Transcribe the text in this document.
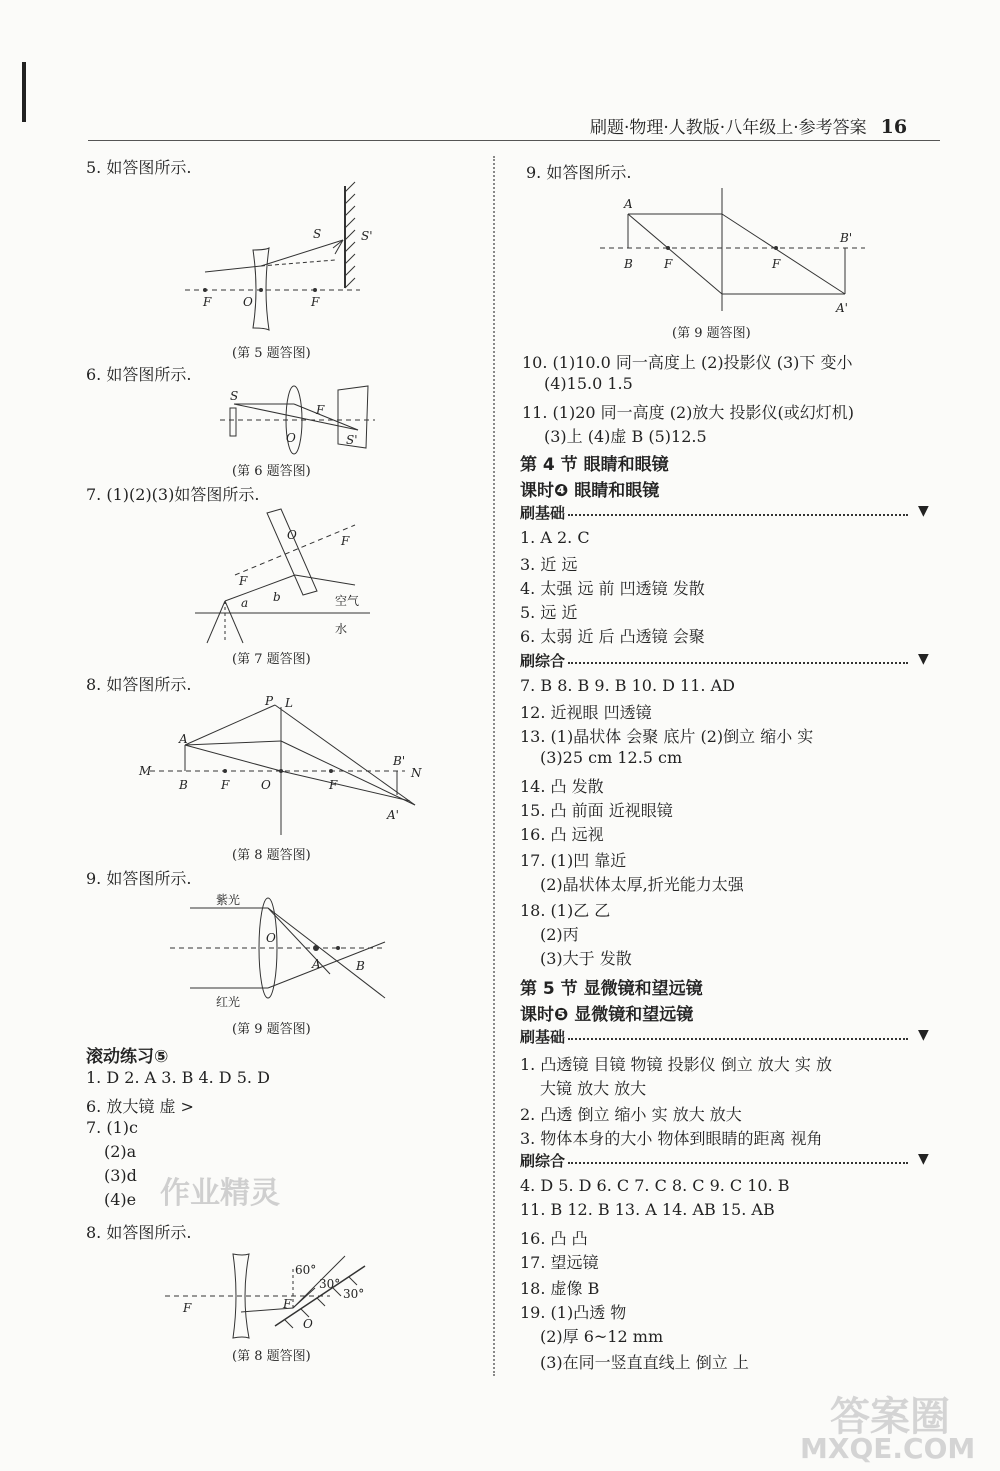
刷题·物理·人教版·八年级上·参考答案 16
5. 如答图所示.
S	S'
F	O	F
(第 5 题答图)
6. 如答图所示.
S
F
O	S'
(第 6 题答图)
7. (1)(2)(3)如答图所示.
O	F
F
a b	空气
水
(第 7 题答图)
8. 如答图所示.
P L
A
M
B	F	O	F
B'
N
A'
(第 8 题答图)
9. 如答图所示.
紫光
红光
O
A	B
(第 9 题答图)
滚动练习⑤
1. D 2. A 3. B 4. D 5. D
6. 放大镜 虚 >
7. (1)c
(2)a
(3)d
(4)e
8. 如答图所示.
F	F
O
60°
30°
30°
(第 8 题答图)
9. 如答图所示.
A
B	F	F
B'
A'
(第 9 题答图)
10. (1)10.0 同一高度上 (2)投影仪 (3)下 变小
(4)15.0 1.5
11. (1)20 同一高度 (2)放大 投影仪(或幻灯机)
(3)上 (4)虚 B (5)12.5
第 4 节 眼睛和眼镜
课时❹ 眼睛和眼镜
刷基础	▼
1. A 2. C
3. 近 远
4. 太强 远 前 凹透镜 发散
5. 远 近
6. 太弱 近 后 凸透镜 会聚
刷综合	▼
7. B 8. B 9. B 10. D 11. AD
12. 近视眼 凹透镜
13. (1)晶状体 会聚 底片 (2)倒立 缩小 实
(3)25 cm 12.5 cm
14. 凸 发散
15. 凸 前面 近视眼镜
16. 凸 远视
17. (1)凹 靠近
(2)晶状体太厚,折光能力太强
18. (1)乙 乙
(2)丙
(3)大于 发散
第 5 节 显微镜和望远镜
课时❺ 显微镜和望远镜
刷基础	▼
1. 凸透镜 目镜 物镜 投影仪 倒立 放大 实 放
大镜 放大 放大
2. 凸透 倒立 缩小 实 放大 放大
3. 物体本身的大小 物体到眼睛的距离 视角
刷综合	▼
4. D 5. D 6. C 7. C 8. C 9. C 10. B
11. B 12. B 13. A 14. AB 15. AB
16. 凸 凸
17. 望远镜
18. 虚像 B
19. (1)凸透 物
(2)厚 6~12 mm
(3)在同一竖直直线上 倒立 上
作业精灵
答案圈
MXQE.COM
